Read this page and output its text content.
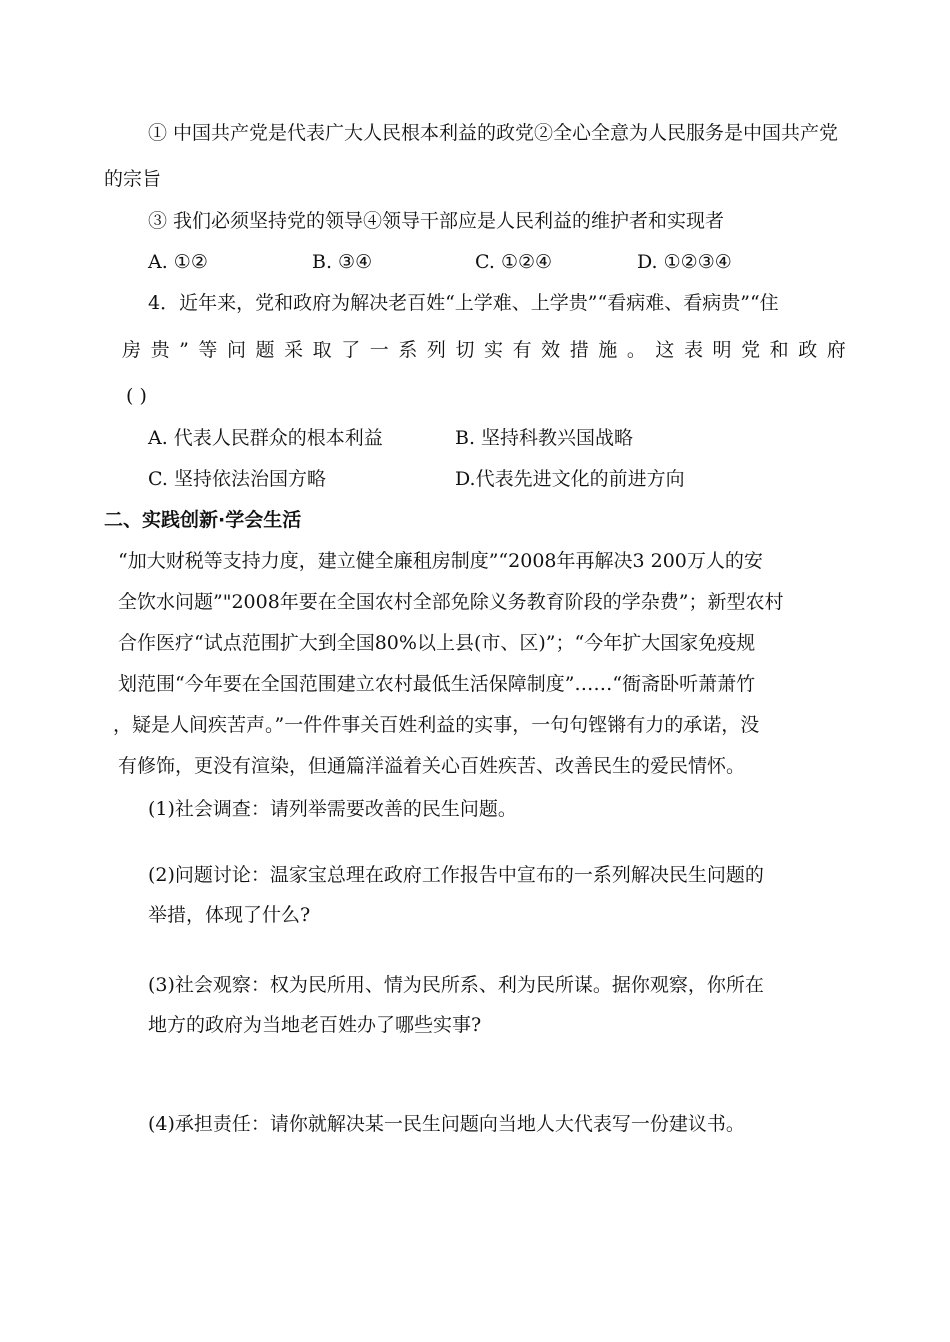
① 中国共产党是代表广大人民根本利益的政党②全心全意为人民服务是中国共产党
的宗旨
③ 我们必须坚持党的领导④领导干部应是人民利益的维护者和实现者
A. ①②	B. ③④	C. ①②④	D. ①②③④
4．近年来，党和政府为解决老百姓“上学难、上学贵”“看病难、看病贵”“住
房 贵 ” 等 问 题 采 取 了 一 系 列 切 实 有 效 措 施 。 这 表 明 党 和 政 府
( )
A. 代表人民群众的根本利益	B. 坚持科教兴国战略
C. 坚持依法治国方略	D.代表先进文化的前进方向
二、实践创新·学会生活
“加大财税等支持力度，建立健全廉租房制度”“2008年再解决3 200万人的安
全饮水问题”"2008年要在全国农村全部免除义务教育阶段的学杂费”；新型农村
合作医疗“试点范围扩大到全国80%以上县(市、区)”；“今年扩大国家免疫规
划范围“今年要在全国范围建立农村最低生活保障制度”……“衙斋卧听萧萧竹
，疑是人间疾苦声。”一件件事关百姓利益的实事，一句句铿锵有力的承诺，没
有修饰，更没有渲染，但通篇洋溢着关心百姓疾苦、改善民生的爱民情怀。
(1)社会调查：请列举需要改善的民生问题。
(2)问题讨论：温家宝总理在政府工作报告中宣布的一系列解决民生问题的
举措，体现了什么?
(3)社会观察：权为民所用、情为民所系、利为民所谋。据你观察，你所在
地方的政府为当地老百姓办了哪些实事?
(4)承担责任：请你就解决某一民生问题向当地人大代表写一份建议书。
